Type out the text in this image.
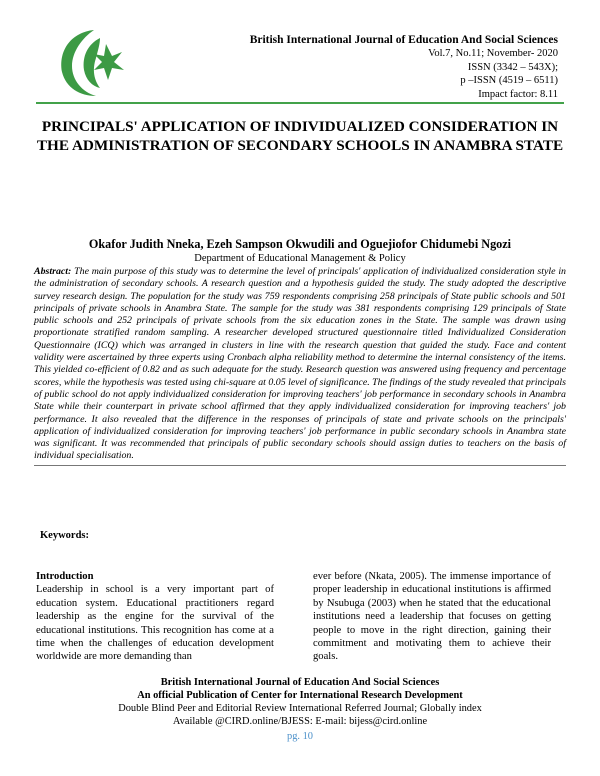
British International Journal of Education And Social Sciences
Vol.7, No.11; November- 2020
ISSN (3342 – 543X);
p –ISSN (4519 – 6511)
Impact factor: 8.11
PRINCIPALS' APPLICATION OF INDIVIDUALIZED CONSIDERATION IN THE ADMINISTRATION OF SECONDARY SCHOOLS IN ANAMBRA STATE
Okafor Judith Nneka, Ezeh Sampson Okwudili and Oguejiofor Chidumebi Ngozi
Department of Educational Management & Policy
Abstract: The main purpose of this study was to determine the level of principals' application of individualized consideration style in the administration of secondary schools. A research question and a hypothesis guided the study. The study adopted the descriptive survey research design. The population for the study was 759 respondents comprising 258 principals of State public schools and 501 principals of private schools in Anambra State. The sample for the study was 381 respondents comprising 129 principals of State public schools and 252 principals of private schools from the six education zones in the State. The sample was drawn using proportionate stratified random sampling. A researcher developed structured questionnaire titled Individualized Consideration Questionnaire (ICQ) which was arranged in clusters in line with the research question that guided the study. Face and content validity were ascertained by three experts using Cronbach alpha reliability method to determine the internal consistency of the items. This yielded co-efficient of 0.82 and as such adequate for the study. Research question was answered using frequency and percentage scores, while the hypothesis was tested using chi-square at 0.05 level of significance. The findings of the study revealed that principals of public school do not apply individualized consideration for improving teachers' job performance in secondary schools in Anambra State while their counterpart in private school affirmed that they apply individualized consideration for improving teachers' job performance. It also revealed that the difference in the responses of principals of state and private schools on the principals' application of individualized consideration for improving teachers' job performance in public secondary schools in Anambra state was significant. It was recommended that principals of public secondary schools should assign duties to teachers on the basis of individual specialisation.
Keywords:
Introduction
Leadership in school is a very important part of education system. Educational practitioners regard leadership as the engine for the survival of the educational institutions. This recognition has come at a time when the challenges of education development worldwide are more demanding than
ever before (Nkata, 2005). The immense importance of proper leadership in educational institutions is affirmed by Nsubuga (2003) when he stated that the educational institutions need a leadership that focuses on getting people to move in the right direction, gaining their commitment and motivating them to achieve their goals.
British International Journal of Education And Social Sciences
An official Publication of Center for International Research Development
Double Blind Peer and Editorial Review International Referred Journal; Globally index
Available @CIRD.online/BJESS: E-mail: bijess@cird.online
pg. 10
